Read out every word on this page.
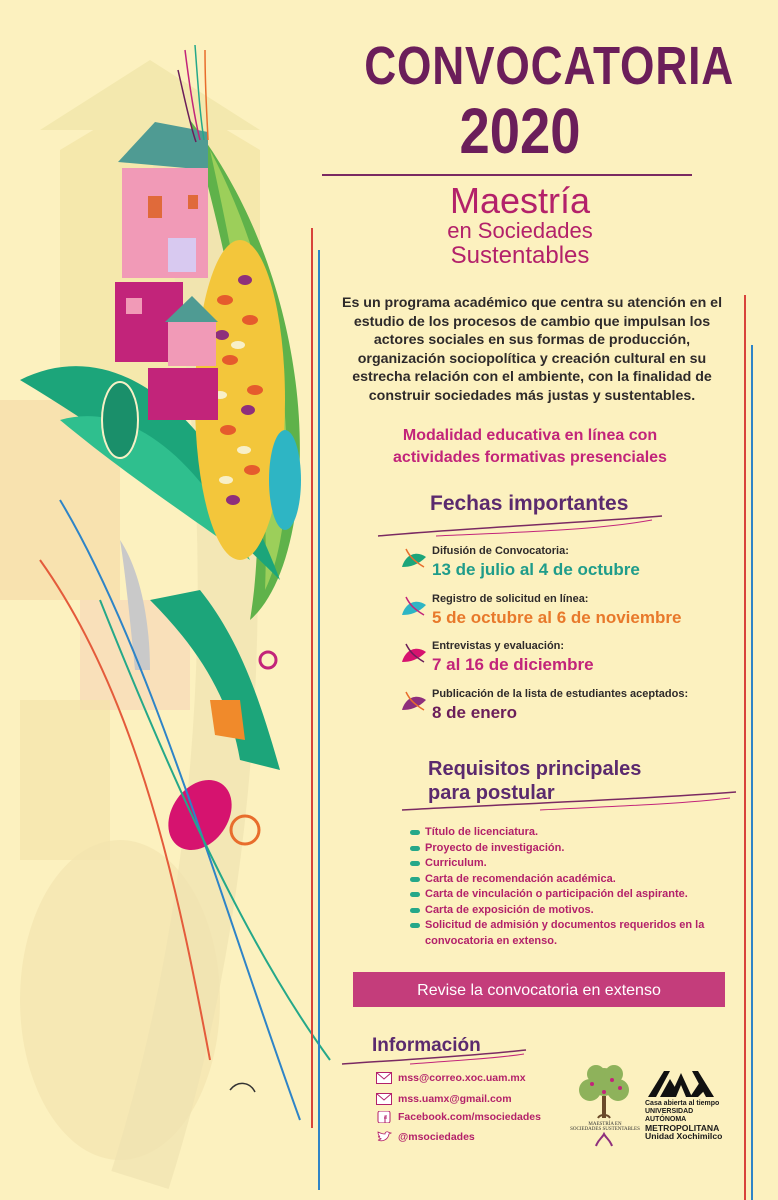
CONVOCATORIA
2020
Maestría
en Sociedades
Sustentables
Es un programa académico que centra su atención en el estudio de los procesos de cambio que impulsan los actores sociales en sus formas de producción, organización sociopolítica y creación cultural en su estrecha relación con el ambiente, con la finalidad de construir sociedades más justas y sustentables.
Modalidad educativa en línea con
actividades formativas presenciales
Fechas importantes
Difusión de Convocatoria:
13 de julio al 4 de octubre
Registro de solicitud en línea:
5 de octubre al 6 de noviembre
Entrevistas y evaluación:
7 al 16 de diciembre
Publicación de la lista de estudiantes aceptados:
8 de enero
Requisitos principales
para postular
Título de licenciatura.
Proyecto de investigación.
Curriculum.
Carta de recomendación académica.
Carta de vinculación o participación del aspirante.
Carta de exposición de motivos.
Solicitud de admisión y documentos requeridos en la convocatoria en extenso.
Revise la convocatoria en extenso
Información
mss@correo.xoc.uam.mx
mss.uamx@gmail.com
Facebook.com/msociedades
@msociedades
MAESTRÍA EN
SOCIEDADES SUSTENTABLES
Casa abierta al tiempo
UNIVERSIDAD AUTÓNOMA
METROPOLITANA
Unidad Xochimilco
